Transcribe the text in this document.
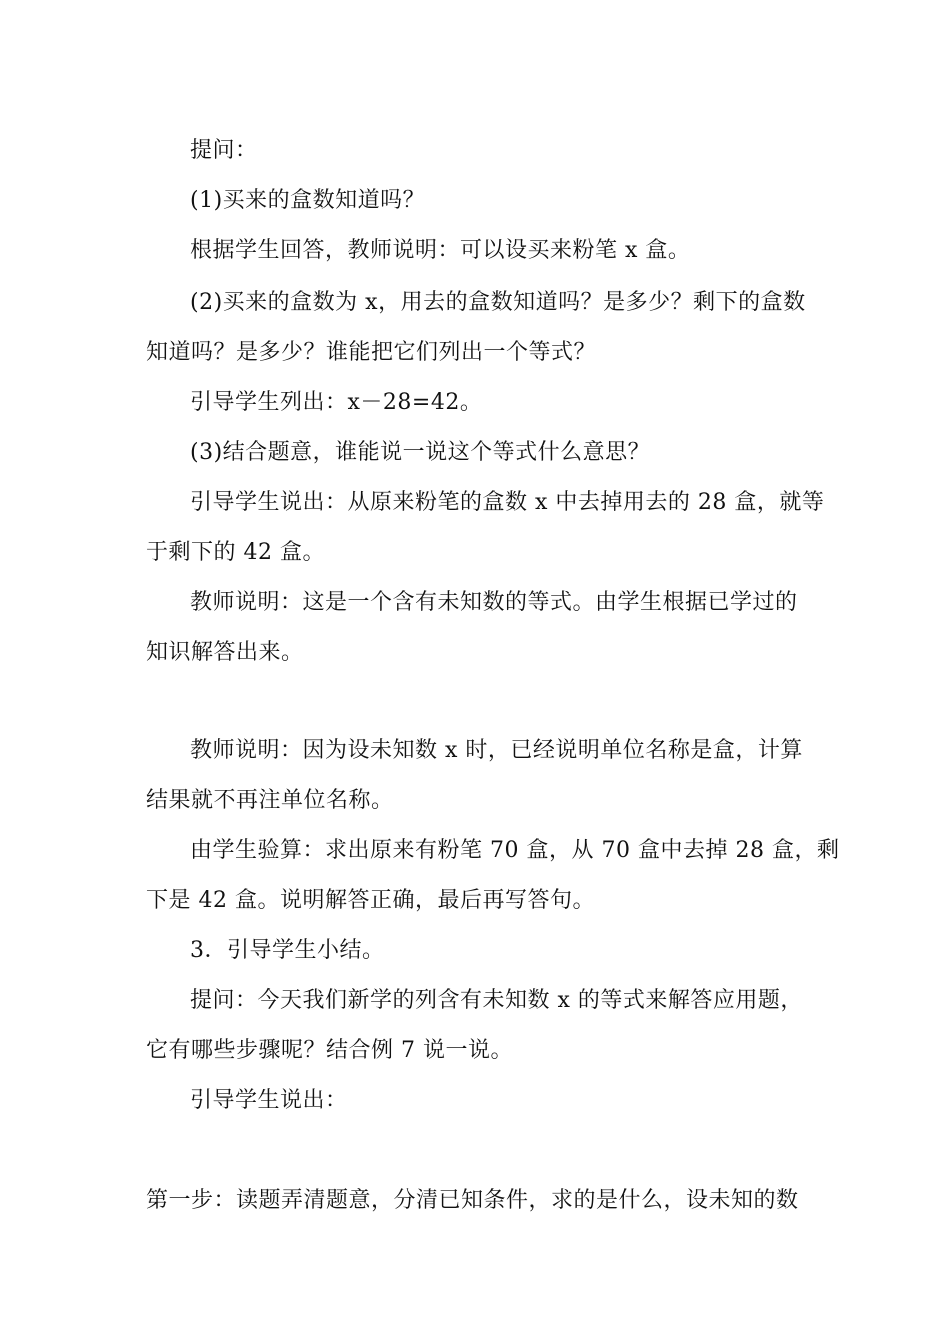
提问：
(1)买来的盒数知道吗？
根据学生回答，教师说明：可以设买来粉笔 x 盒。
(2)买来的盒数为 x，用去的盒数知道吗？是多少？剩下的盒数
知道吗？是多少？谁能把它们列出一个等式？
引导学生列出：x－28=42。
(3)结合题意，谁能说一说这个等式什么意思？
引导学生说出：从原来粉笔的盒数 x 中去掉用去的 28 盒，就等
于剩下的 42 盒。
教师说明：这是一个含有未知数的等式。由学生根据已学过的
知识解答出来。
教师说明：因为设未知数 x 时，已经说明单位名称是盒，计算
结果就不再注单位名称。
由学生验算：求出原来有粉笔 70 盒，从 70 盒中去掉 28 盒，剩
下是 42 盒。说明解答正确，最后再写答句。
3．引导学生小结。
提问：今天我们新学的列含有未知数 x 的等式来解答应用题，
它有哪些步骤呢？结合例 7 说一说。
引导学生说出：
第一步：读题弄清题意，分清已知条件，求的是什么，设未知的数
